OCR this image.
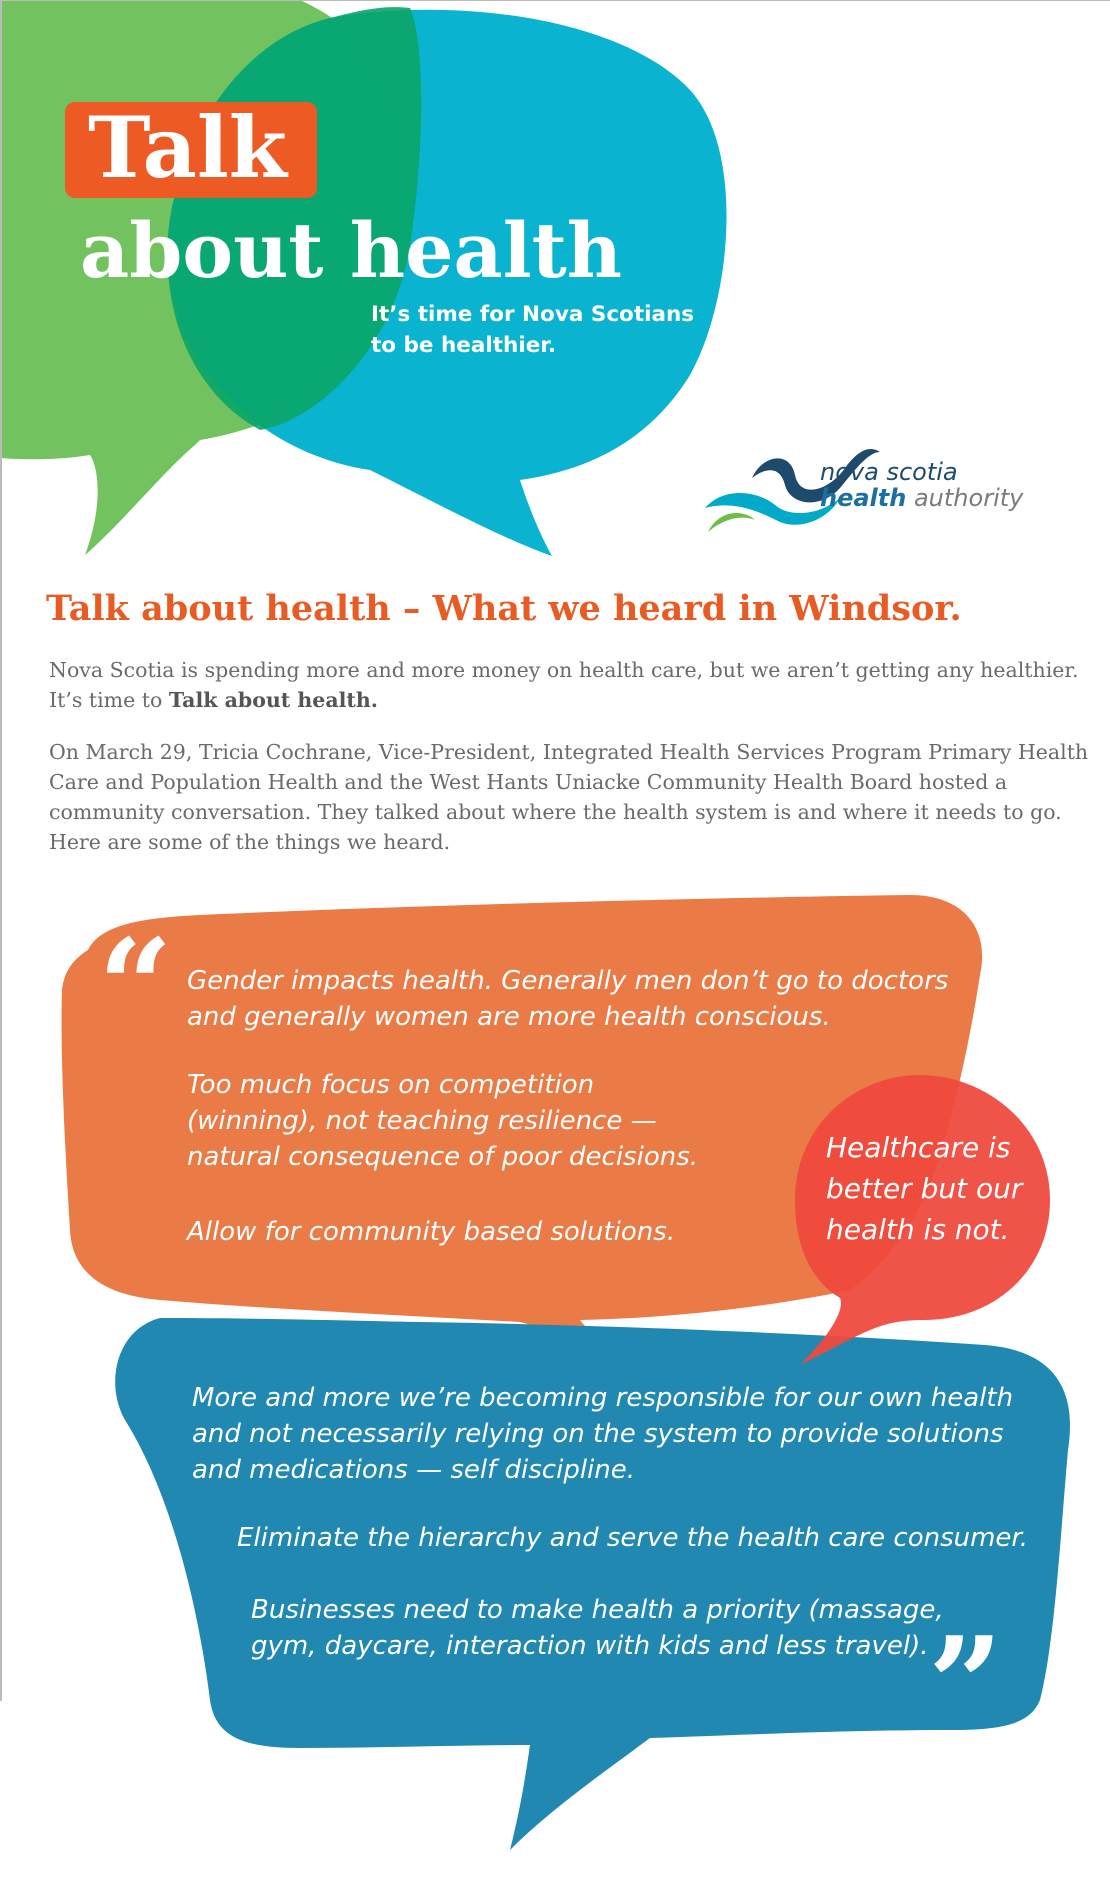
Talk
about health
It’s time for Nova Scotians
to be healthier.
nova scotia
health authority
Talk about health – What we heard in Windsor.

Nova Scotia is spending more and more money on health care, but we aren’t getting any healthier. It’s time to Talk about health.

On March 29, Tricia Cochrane, Vice-President, Integrated Health Services Program Primary Health Care and Population Health and the West Hants Uniacke Community Health Board hosted a community conversation. They talked about where the health system is and where it needs to go. Here are some of the things we heard.

“ Gender impacts health. Generally men don’t go to doctors
and generally women are more health conscious.
Too much focus on competition
(winning), not teaching resilience —
natural consequence of poor decisions.
Allow for community based solutions.
Healthcare is
better but our
health is not.
More and more we’re becoming responsible for our own health
and not necessarily relying on the system to provide solutions
and medications — self discipline.
Eliminate the hierarchy and serve the health care consumer.
Businesses need to make health a priority (massage,
gym, daycare, interaction with kids and less travel). ”
